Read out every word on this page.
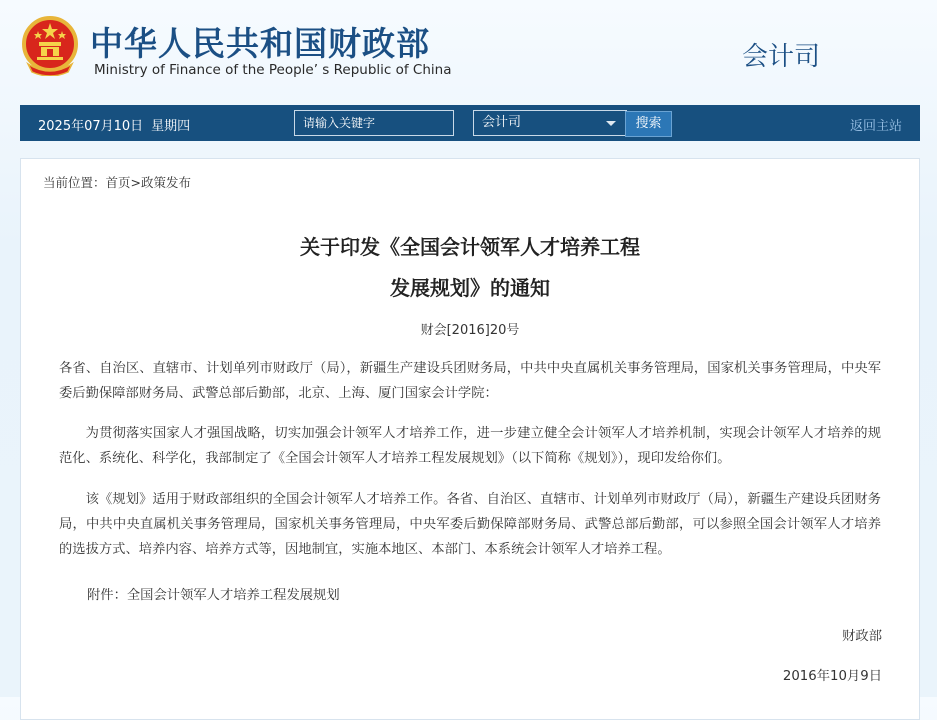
中华人民共和国财政部
Ministry of Finance of the People’ s Republic of China	会计司
2025年07月10日 星期四
请输入关键字	会计司	搜索	返回主站
当前位置：首页>政策发布
关于印发《全国会计领军人才培养工程
发展规划》的通知
财会[2016]20号
各省、自治区、直辖市、计划单列市财政厅（局），新疆生产建设兵团财务局，中共中央直属机关事务管理局，国家机关事务管理局，中央军委后勤保障部财务局、武警总部后勤部，北京、上海、厦门国家会计学院：
为贯彻落实国家人才强国战略，切实加强会计领军人才培养工作，进一步建立健全会计领军人才培养机制，实现会计领军人才培养的规范化、系统化、科学化，我部制定了《全国会计领军人才培养工程发展规划》（以下简称《规划》），现印发给你们。
该《规划》适用于财政部组织的全国会计领军人才培养工作。各省、自治区、直辖市、计划单列市财政厅（局），新疆生产建设兵团财务局，中共中央直属机关事务管理局，国家机关事务管理局，中央军委后勤保障部财务局、武警总部后勤部，可以参照全国会计领军人才培养的选拔方式、培养内容、培养方式等，因地制宜，实施本地区、本部门、本系统会计领军人才培养工程。
附件：全国会计领军人才培养工程发展规划
财政部
2016年10月9日
